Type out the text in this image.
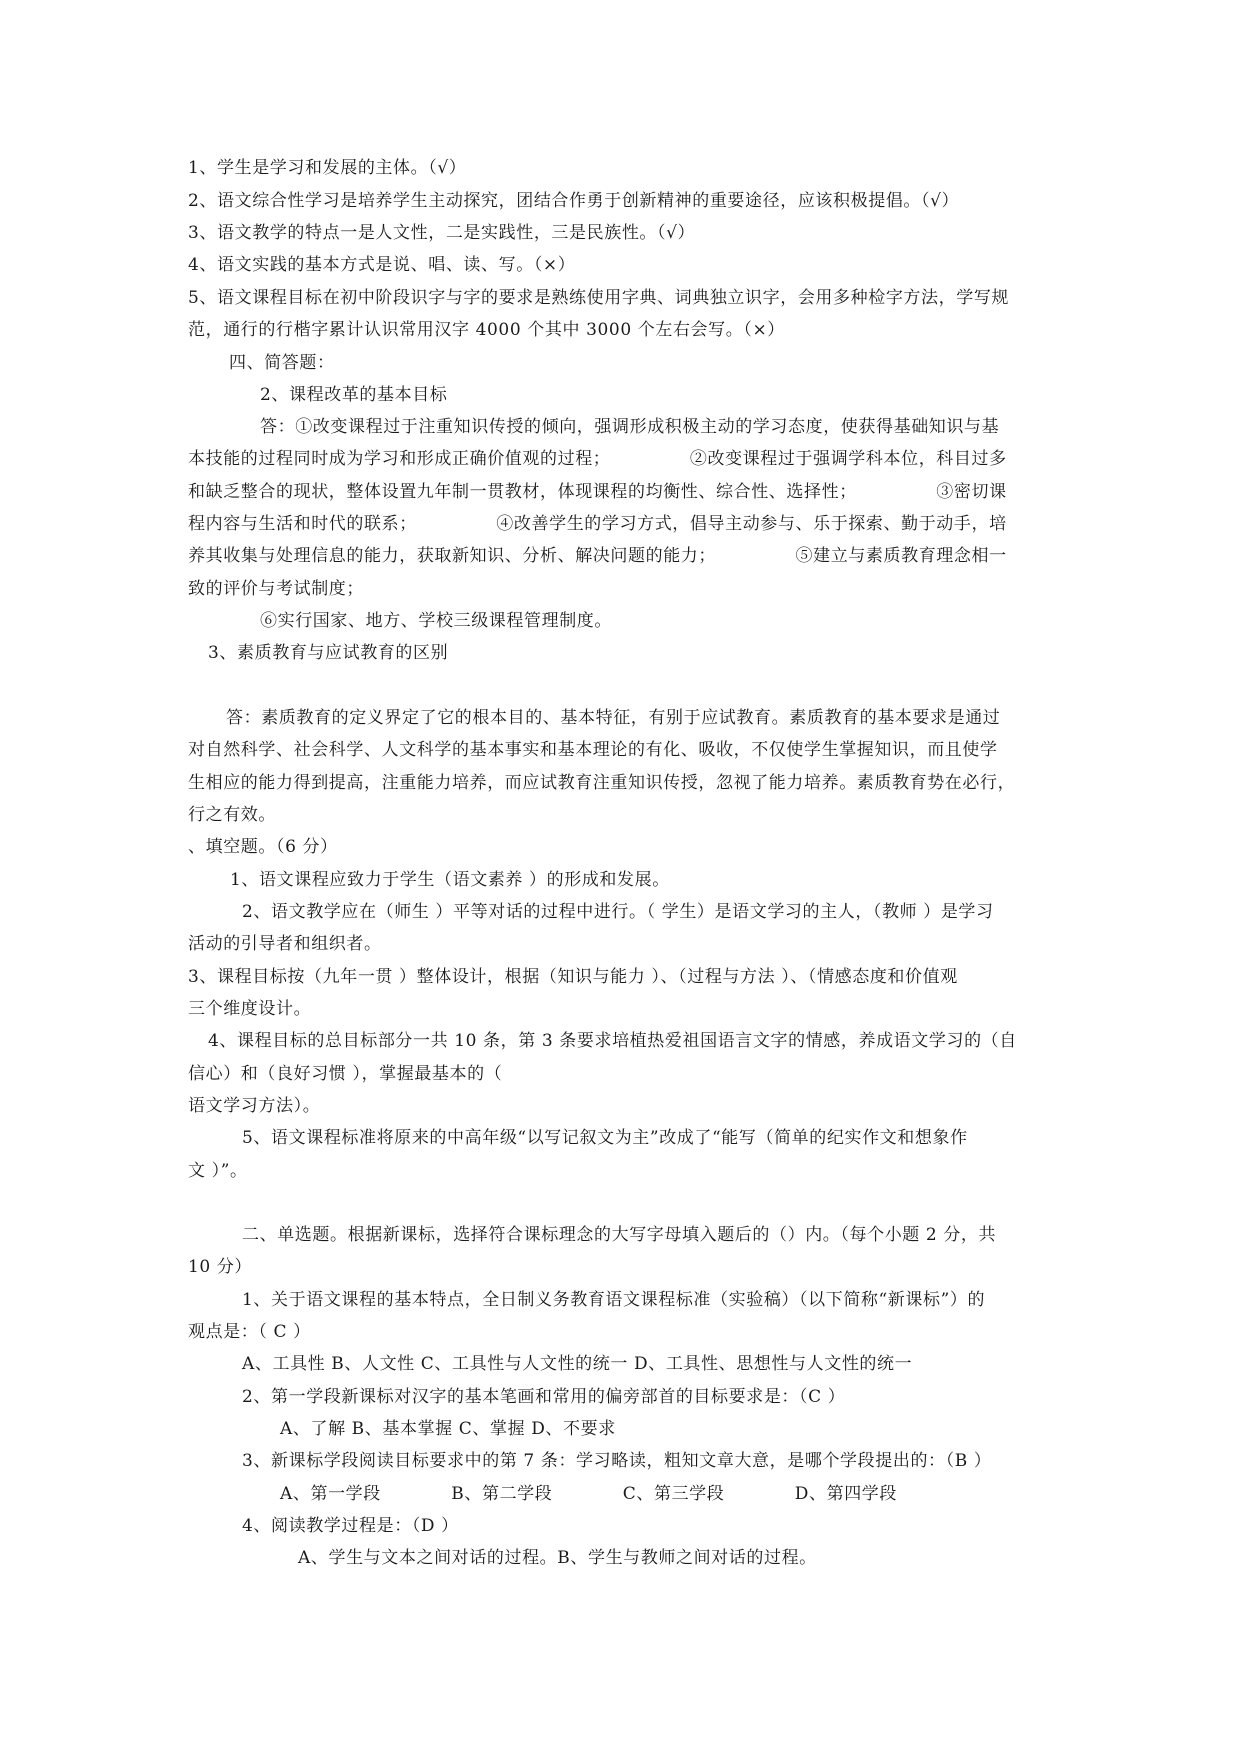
1、学生是学习和发展的主体。（√）
2、语文综合性学习是培养学生主动探究，团结合作勇于创新精神的重要途径，应该积极提倡。（√）
3、语文教学的特点一是人文性，二是实践性，三是民族性。（√）
4、语文实践的基本方式是说、唱、读、写。（×）
5、语文课程目标在初中阶段识字与字的要求是熟练使用字典、词典独立识字，会用多种检字方法，学写规
范，通行的行楷字累计认识常用汉字 4000 个其中 3000 个左右会写。（×）
四、简答题：
2、课程改革的基本目标
答：①改变课程过于注重知识传授的倾向，强调形成积极主动的学习态度，使获得基础知识与基
本技能的过程同时成为学习和形成正确价值观的过程；　　　　　②改变课程过于强调学科本位，科目过多
和缺乏整合的现状，整体设置九年制一贯教材，体现课程的均衡性、综合性、选择性；　　　　　③密切课
程内容与生活和时代的联系；　　　　　④改善学生的学习方式，倡导主动参与、乐于探索、勤于动手，培
养其收集与处理信息的能力，获取新知识、分析、解决问题的能力；　　　　　⑤建立与素质教育理念相一
致的评价与考试制度；
⑥实行国家、地方、学校三级课程管理制度。
3、素质教育与应试教育的区别
答：素质教育的定义界定了它的根本目的、基本特征，有别于应试教育。素质教育的基本要求是通过
对自然科学、社会科学、人文科学的基本事实和基本理论的有化、吸收，不仅使学生掌握知识，而且使学
生相应的能力得到提高，注重能力培养，而应试教育注重知识传授，忽视了能力培养。素质教育势在必行，
行之有效。
、填空题。（6 分）
1、语文课程应致力于学生（语文素养 ）的形成和发展。
2、语文教学应在（师生 ）平等对话的过程中进行。（ 学生）是语文学习的主人，（教师 ）是学习
活动的引导者和组织者。
3、课程目标按（九年一贯 ）整体设计，根据（知识与能力 ）、（过程与方法 ）、（情感态度和价值观
三个维度设计。
4、课程目标的总目标部分一共 10 条，第 3 条要求培植热爱祖国语言文字的情感，养成语文学习的（自
信心）和（良好习惯 ），掌握最基本的（
语文学习方法）。
5、语文课程标准将原来的中高年级“以写记叙文为主”改成了“能写（简单的纪实作文和想象作
文 ）”。
二、单选题。根据新课标，选择符合课标理念的大写字母填入题后的（）内。（每个小题 2 分，共
10 分）
1、关于语文课程的基本特点，全日制义务教育语文课程标准（实验稿）（以下简称“新课标”）的
观点是：（ C ）
A、工具性 B、人文性 C、工具性与人文性的统一 D、工具性、思想性与人文性的统一
2、第一学段新课标对汉字的基本笔画和常用的偏旁部首的目标要求是：（C ）
A、了解 B、基本掌握 C、掌握 D、不要求
3、新课标学段阅读目标要求中的第 7 条：学习略读，粗知文章大意，是哪个学段提出的：（B ）
A、第一学段　　　　B、第二学段　　　　C、第三学段　　　　D、第四学段
4、阅读教学过程是：（D ）
A、学生与文本之间对话的过程。B、学生与教师之间对话的过程。
